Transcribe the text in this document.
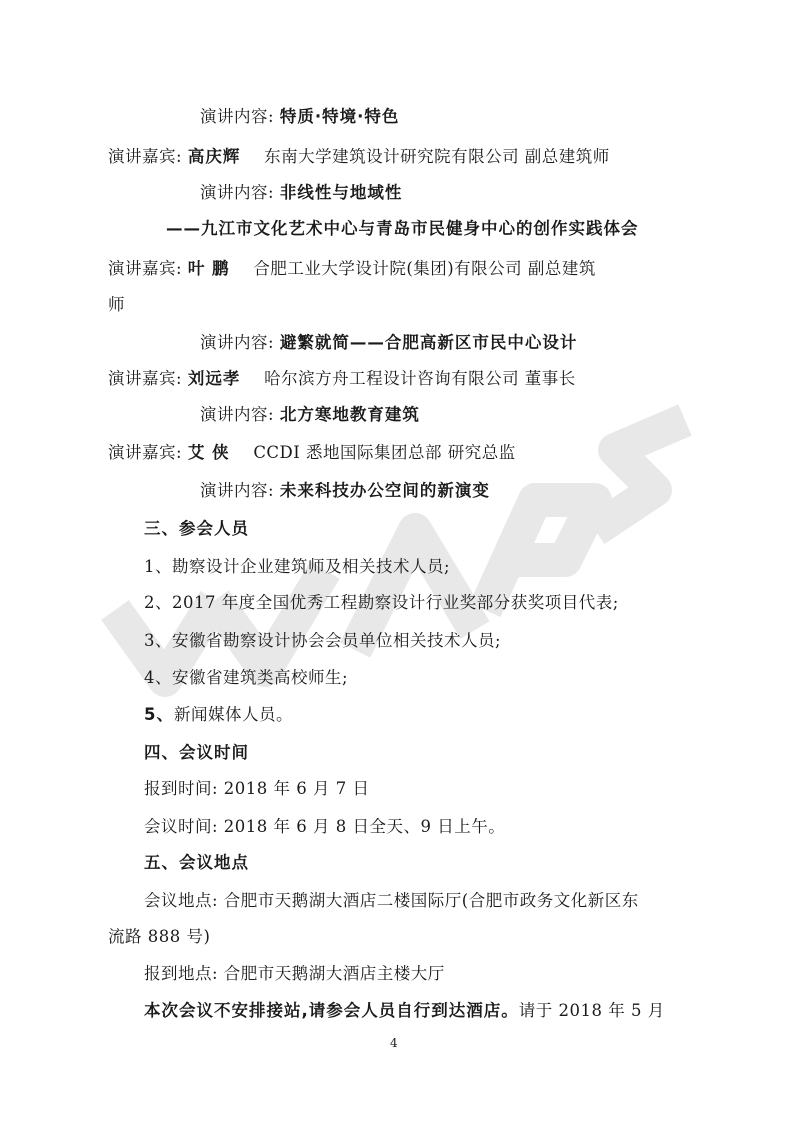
演讲内容: 特质·特境·特色
演讲嘉宾: 高庆辉 东南大学建筑设计研究院有限公司 副总建筑师
演讲内容: 非线性与地域性
——九江市文化艺术中心与青岛市民健身中心的创作实践体会
演讲嘉宾: 叶 鹏 合肥工业大学设计院(集团)有限公司 副总建筑
师
演讲内容: 避繁就简——合肥高新区市民中心设计
演讲嘉宾: 刘远孝 哈尔滨方舟工程设计咨询有限公司 董事长
演讲内容: 北方寒地教育建筑
演讲嘉宾: 艾 侠 CCDI 悉地国际集团总部 研究总监
演讲内容: 未来科技办公空间的新演变
三、参会人员
1、勘察设计企业建筑师及相关技术人员;
2、2017 年度全国优秀工程勘察设计行业奖部分获奖项目代表;
3、安徽省勘察设计协会会员单位相关技术人员;
4、安徽省建筑类高校师生;
5、新闻媒体人员。
四、会议时间
报到时间: 2018 年 6 月 7 日
会议时间: 2018 年 6 月 8 日全天、9 日上午。
五、会议地点
会议地点: 合肥市天鹅湖大酒店二楼国际厅(合肥市政务文化新区东
流路 888 号)
报到地点: 合肥市天鹅湖大酒店主楼大厅
本次会议不安排接站,请参会人员自行到达酒店。请于 2018 年 5 月
4
